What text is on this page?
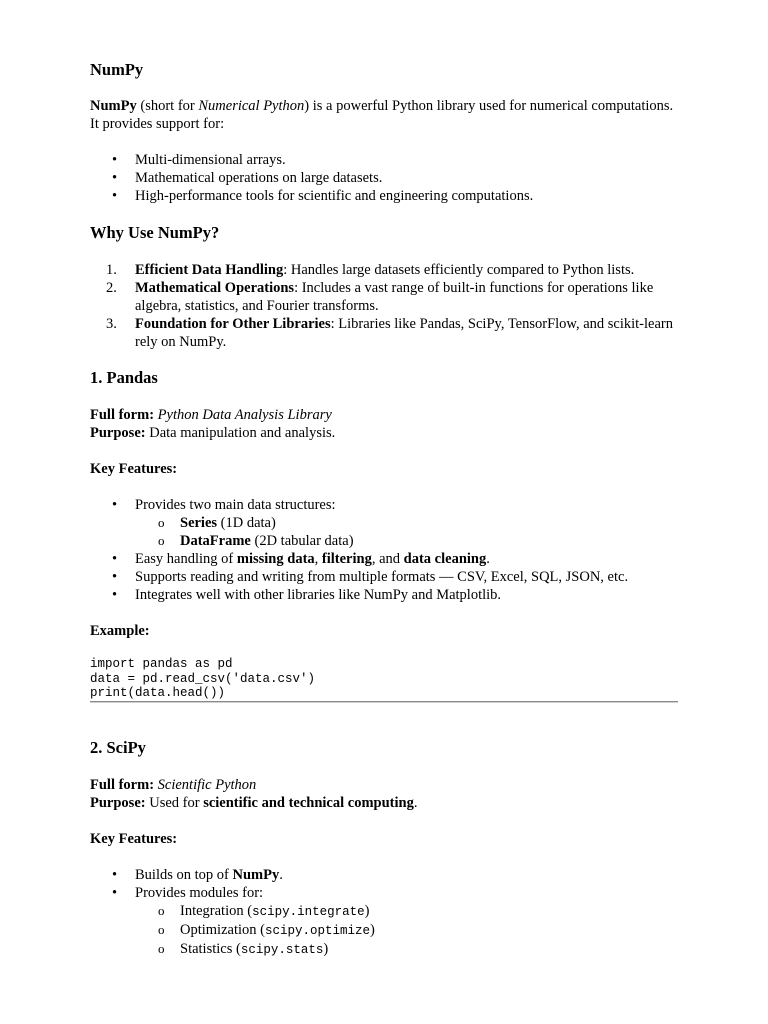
NumPy

NumPy (short for Numerical Python) is a powerful Python library used for numerical computations. It provides support for:

•	Multi-dimensional arrays.
•	Mathematical operations on large datasets.
•	High-performance tools for scientific and engineering computations.
Why Use NumPy?
1. Efficient Data Handling: Handles large datasets efficiently compared to Python lists.
2. Mathematical Operations: Includes a vast range of built-in functions for operations like algebra, statistics, and Fourier transforms.
3. Foundation for Other Libraries: Libraries like Pandas, SciPy, TensorFlow, and scikit-learn rely on NumPy.
1. Pandas

Full form: Python Data Analysis Library

Purpose: Data manipulation and analysis.

Key Features:

•	Provides two main data structures:
o Series (1D data)
o DataFrame (2D tabular data)
•	Easy handling of missing data, filtering, and data cleaning.
•	Supports reading and writing from multiple formats — CSV, Excel, SQL, JSON, etc.
•	Integrates well with other libraries like NumPy and Matplotlib.

Example:

import pandas as pd
data = pd.read_csv('data.csv')
print(data.head())
2. SciPy

Full form: Scientific Python

Purpose: Used for scientific and technical computing.

Key Features:

•	Builds on top of NumPy.
•	Provides modules for:
o Integration (scipy.integrate)
o Optimization (scipy.optimize)
o Statistics (scipy.stats)
